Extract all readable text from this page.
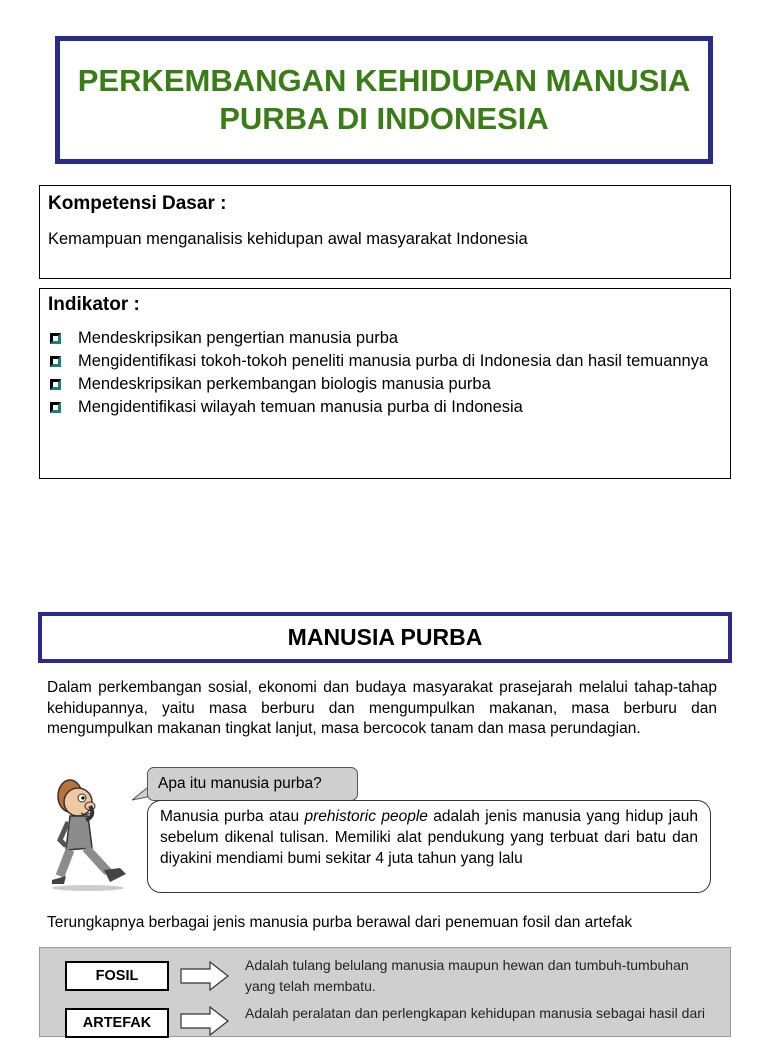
PERKEMBANGAN KEHIDUPAN MANUSIA
PURBA DI INDONESIA
Kompetensi Dasar :
Kemampuan menganalisis kehidupan awal masyarakat Indonesia
Indikator :
Mendeskripsikan pengertian manusia purba
Mengidentifikasi tokoh-tokoh peneliti manusia purba di Indonesia dan hasil temuannya
Mendeskripsikan perkembangan biologis manusia purba
Mengidentifikasi wilayah temuan manusia purba di Indonesia
MANUSIA PURBA
Dalam perkembangan sosial, ekonomi dan budaya masyarakat prasejarah melalui tahap-tahap kehidupannya, yaitu masa berburu dan mengumpulkan makanan, masa berburu dan mengumpulkan makanan tingkat lanjut, masa bercocok tanam dan masa perundagian.
Apa itu manusia purba?
Manusia purba atau prehistoric people adalah jenis manusia yang hidup jauh sebelum dikenal tulisan. Memiliki alat pendukung yang terbuat dari batu dan diyakini mendiami bumi sekitar 4 juta tahun yang lalu
Terungkapnya berbagai jenis manusia purba berawal dari penemuan fosil dan artefak
FOSIL
Adalah tulang belulang manusia maupun hewan dan tumbuh-tumbuhan yang telah membatu.
ARTEFAK
Adalah peralatan dan perlengkapan kehidupan manusia sebagai hasil dari
